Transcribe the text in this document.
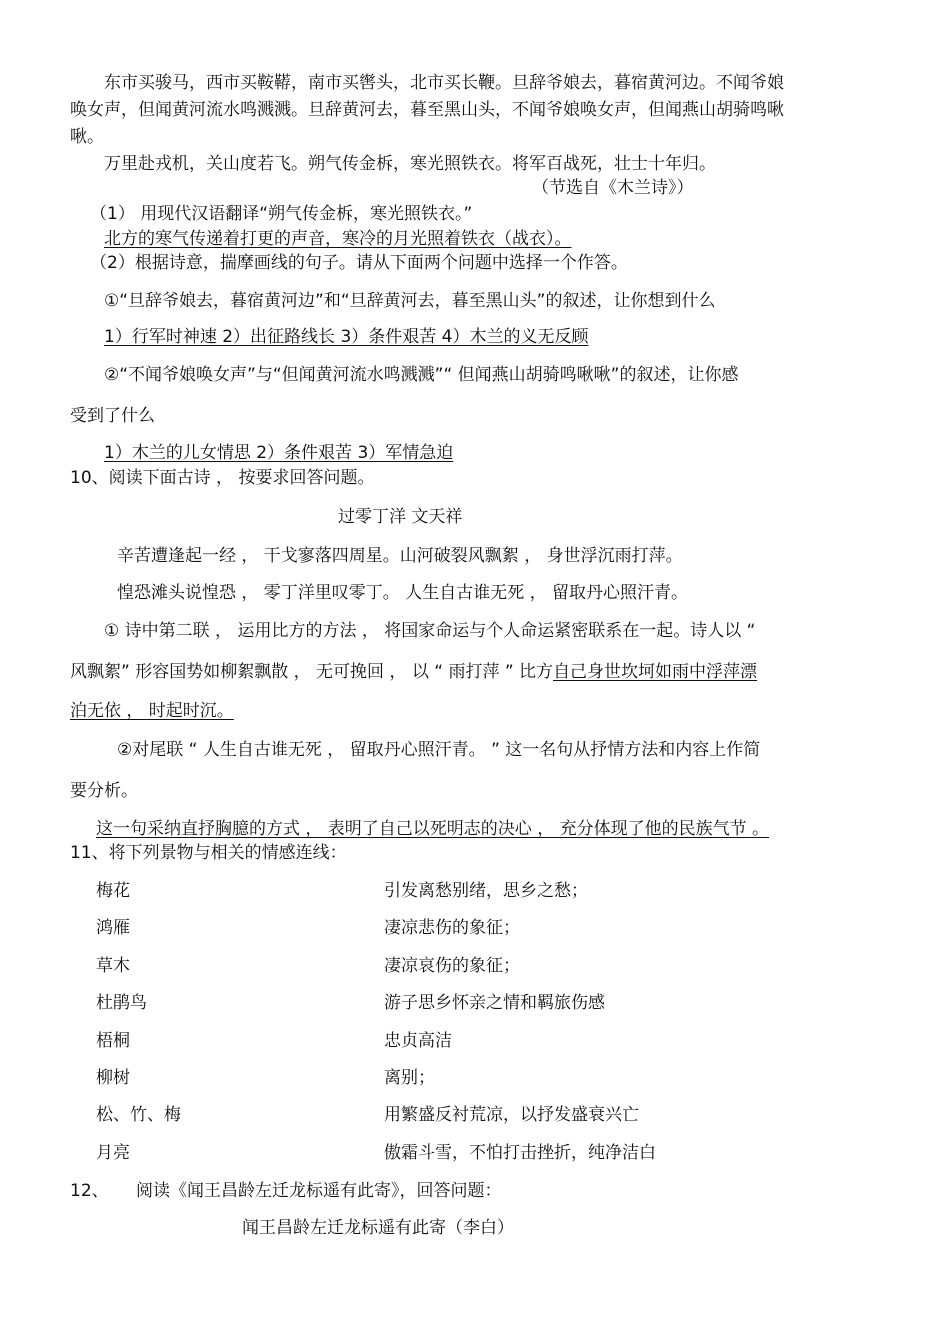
东市买骏马，西市买鞍鞯，南市买辔头，北市买长鞭。旦辞爷娘去，暮宿黄河边。不闻爷娘
唤女声，但闻黄河流水鸣溅溅。旦辞黄河去，暮至黑山头，不闻爷娘唤女声，但闻燕山胡骑鸣啾
啾。
万里赴戎机，关山度若飞。朔气传金柝，寒光照铁衣。将军百战死，壮士十年归。
（节选自《木兰诗》）
（1） 用现代汉语翻译“朔气传金柝，寒光照铁衣。”
北方的寒气传递着打更的声音，寒冷的月光照着铁衣（战衣）。
（2）根据诗意，揣摩画线的句子。请从下面两个问题中选择一个作答。
①“旦辞爷娘去，暮宿黄河边”和“旦辞黄河去，暮至黑山头”的叙述，让你想到什么
1）行军时神速 2）出征路线长 3）条件艰苦 4）木兰的义无反顾
②“不闻爷娘唤女声”与“但闻黄河流水鸣溅溅”“ 但闻燕山胡骑鸣啾啾”的叙述，让你感
受到了什么
1）木兰的儿女情思 2）条件艰苦 3）军情急迫
10、阅读下面古诗 ， 按要求回答问题。
过零丁洋 文天祥
辛苦遭逢起一经 ， 干戈寥落四周星。山河破裂风飘絮 ， 身世浮沉雨打萍。
惶恐滩头说惶恐 ， 零丁洋里叹零丁。 人生自古谁无死 ， 留取丹心照汗青。
① 诗中第二联 ， 运用比方的方法 ， 将国家命运与个人命运紧密联系在一起。诗人以 “
风飘絮” 形容国势如柳絮飘散 ， 无可挽回 ， 以 “ 雨打萍 ” 比方自己身世坎坷如雨中浮萍漂
泊无依 ， 时起时沉。
②对尾联 “ 人生自古谁无死 ， 留取丹心照汗青。 ” 这一名句从抒情方法和内容上作简
要分析。
这一句采纳直抒胸臆的方式 ， 表明了自己以死明志的决心 ， 充分体现了他的民族气节 。
11、将下列景物与相关的情感连线：
梅花	引发离愁别绪，思乡之愁；
鸿雁	凄凉悲伤的象征；
草木	凄凉哀伤的象征；
杜鹃鸟	游子思乡怀亲之情和羁旅伤感
梧桐	忠贞高洁
柳树	离别；
松、竹、梅	用繁盛反衬荒凉，以抒发盛衰兴亡
月亮	傲霜斗雪，不怕打击挫折，纯净洁白
12、 阅读《闻王昌龄左迁龙标遥有此寄》，回答问题：
闻王昌龄左迁龙标遥有此寄（李白）
